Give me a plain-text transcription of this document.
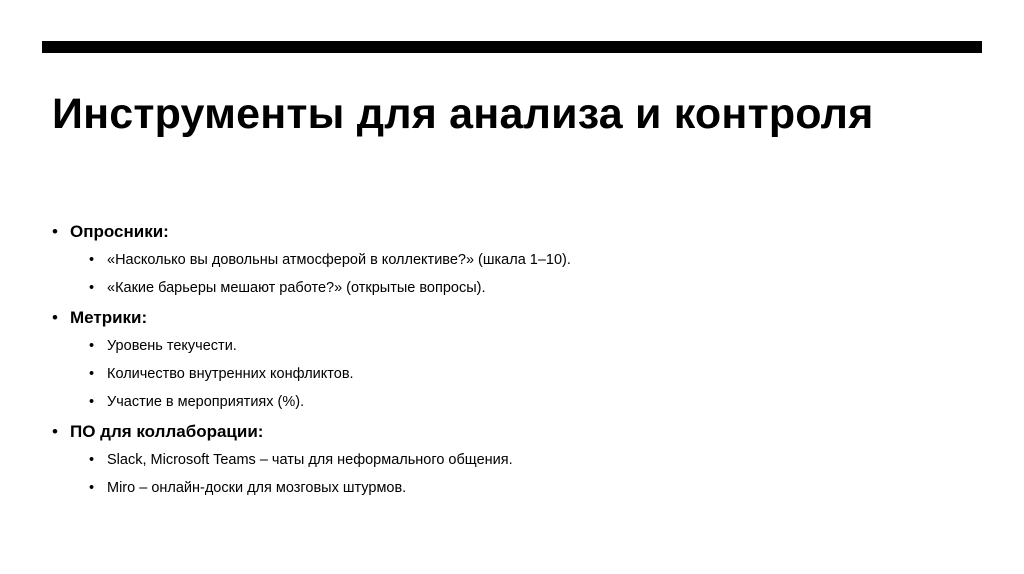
Инструменты для анализа и контроля
• Опросники:
• «Насколько вы довольны атмосферой в коллективе?» (шкала 1–10).
• «Какие барьеры мешают работе?» (открытые вопросы).
• Метрики:
• Уровень текучести.
• Количество внутренних конфликтов.
• Участие в мероприятиях (%).
• ПО для коллаборации:
• Slack, Microsoft Teams – чаты для неформального общения.
• Miro – онлайн-доски для мозговых штурмов.
